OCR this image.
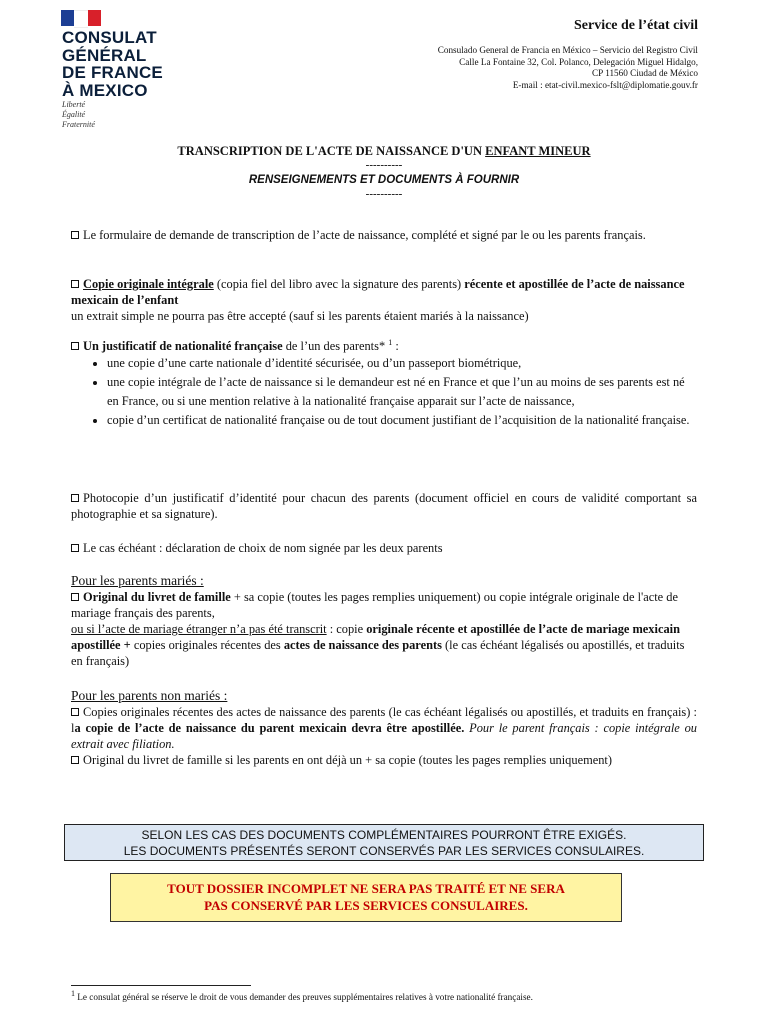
CONSULAT
GÉNÉRAL
DE FRANCE
À MEXICO
Liberté
Égalité
Fraternité
Service de l’état civil
Consulado General de Francia en México – Servicio del Registro Civil
Calle La Fontaine 32, Col. Polanco, Delegación Miguel Hidalgo,
CP 11560 Ciudad de México
E-mail : etat-civil.mexico-fslt@diplomatie.gouv.fr
TRANSCRIPTION DE L'ACTE DE NAISSANCE D'UN ENFANT MINEUR
----------
RENSEIGNEMENTS ET DOCUMENTS À FOURNIR
----------
Le formulaire de demande de transcription de l’acte de naissance, complété et signé par le ou les parents français.
Copie originale intégrale (copia fiel del libro avec la signature des parents) récente et apostillée de l’acte de naissance mexicain de l’enfant
un extrait simple ne pourra pas être accepté (sauf si les parents étaient mariés à la naissance)
Un justificatif de nationalité française de l’un des parents* $^1$ :
• une copie d’une carte nationale d’identité sécurisée, ou d’un passeport biométrique,
• une copie intégrale de l’acte de naissance si le demandeur est né en France et que l’un au moins de ses parents est né en France, ou si une mention relative à la nationalité française apparait sur l’acte de naissance,
• copie d’un certificat de nationalité française ou de tout document justifiant de l’acquisition de la nationalité française.
Photocopie d’un justificatif d’identité pour chacun des parents (document officiel en cours de validité comportant sa photographie et sa signature).
Le cas échéant : déclaration de choix de nom signée par les deux parents
Pour les parents mariés :
Original du livret de famille + sa copie (toutes les pages remplies uniquement) ou copie intégrale originale de l'acte de mariage français des parents,
ou si l’acte de mariage étranger n’a pas été transcrit : copie originale récente et apostillée de l’acte de mariage mexicain apostillée + copies originales récentes des actes de naissance des parents (le cas échéant légalisés ou apostillés, et traduits en français)
Pour les parents non mariés :
Copies originales récentes des actes de naissance des parents (le cas échéant légalisés ou apostillés, et traduits en français) : la copie de l’acte de naissance du parent mexicain devra être apostillée. Pour le parent français : copie intégrale ou extrait avec filiation.
Original du livret de famille si les parents en ont déjà un + sa copie (toutes les pages remplies uniquement)
SELON LES CAS DES DOCUMENTS COMPLÉMENTAIRES POURRONT ÊTRE EXIGÉS.
LES DOCUMENTS PRÉSENTÉS SERONT CONSERVÉS PAR LES SERVICES CONSULAIRES.
TOUT DOSSIER INCOMPLET NE SERA PAS TRAITÉ ET NE SERA
PAS CONSERVÉ PAR LES SERVICES CONSULAIRES.
$^1$ Le consulat général se réserve le droit de vous demander des preuves supplémentaires relatives à votre nationalité française.
